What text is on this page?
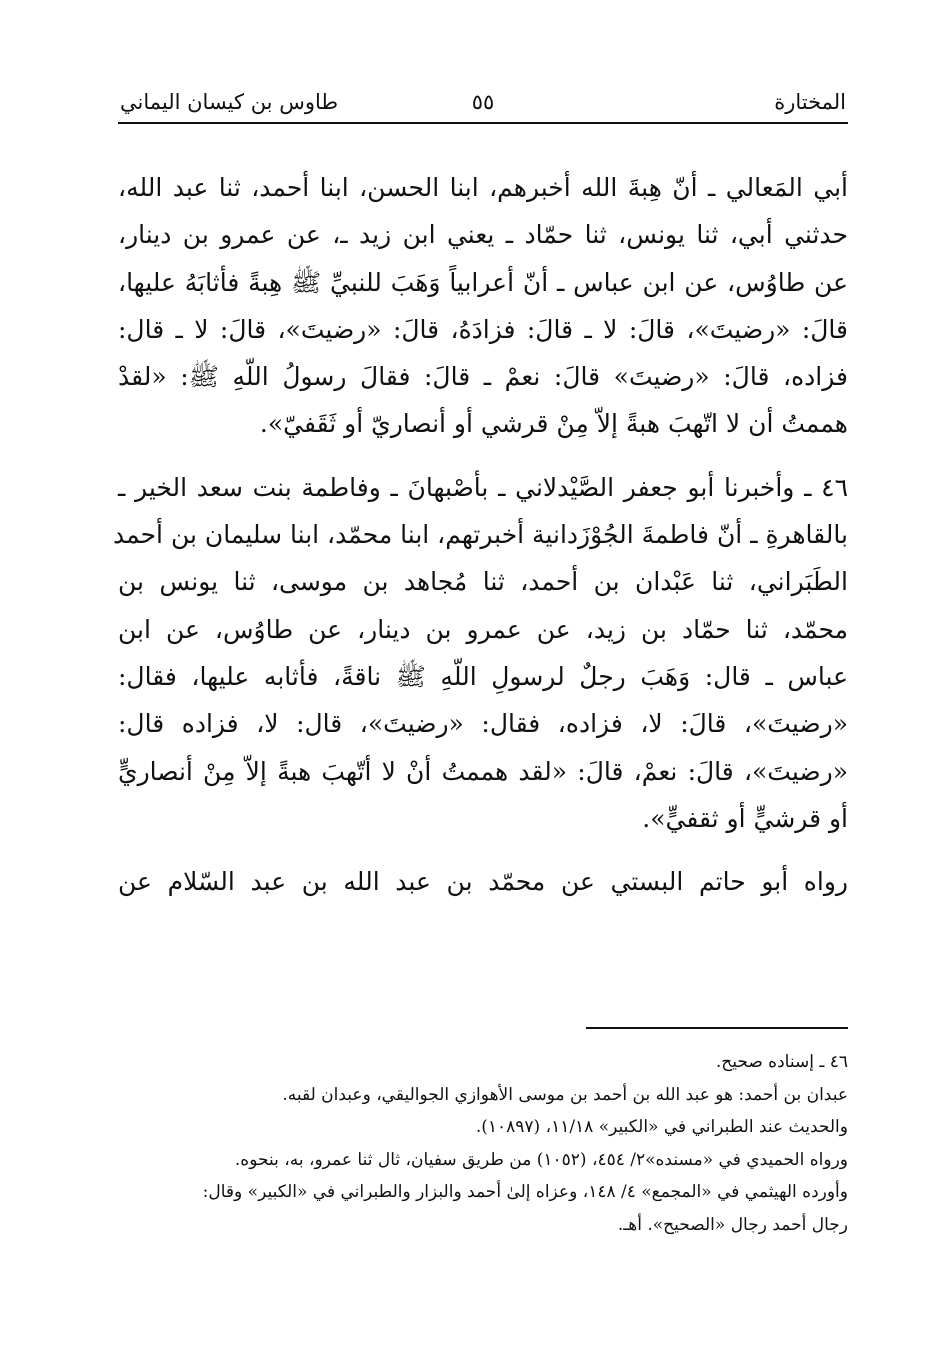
المختارة
٥٥
طاوس بن كيسان اليماني
أبي المَعالي ـ أنّ هِبةَ الله أخبرهم، ابنا الحسن، ابنا أحمد، ثنا عبد الله،
حدثني أبي، ثنا يونس، ثنا حمّاد ـ يعني ابن زيد ـ، عن عمرو بن دينار،
عن طاوُس، عن ابن عباس ـ أنّ أعرابياً وَهَبَ للنبيِّ ﷺ هِبةً فأثابَهُ عليها،
قالَ: «رضيتَ»، قالَ: لا ـ قالَ: فزادَهُ، قالَ: «رضيتَ»، قالَ: لا ـ قال:
فزاده، قالَ: «رضيتَ» قالَ: نعمْ ـ قالَ: فقالَ رسولُ اللّهِ ﷺ: «لقدْ
هممتُ أن لا اتّهبَ هبةً إلاّ مِنْ قرشي أو أنصاريّ أو ثَقَفيّ».
٤٦ ـ وأخبرنا أبو جعفر الصَّيْدلاني ـ بأصْبهانَ ـ وفاطمة بنت سعد الخير ـ
بالقاهرةِ ـ أنّ فاطمةَ الجُوْزَدانية أخبرتهم، ابنا محمّد، ابنا سليمان بن أحمد
الطَبَراني، ثنا عَبْدان بن أحمد، ثنا مُجاهد بن موسى، ثنا يونس بن
محمّد، ثنا حمّاد بن زيد، عن عمرو بن دينار، عن طاوُس، عن ابن
عباس ـ قال: وَهَبَ رجلٌ لرسولِ اللّهِ ﷺ ناقةً، فأثابه عليها، فقال:
«رضيتَ»، قالَ: لا، فزاده، فقال: «رضيتَ»، قال: لا، فزاده قال:
«رضيتَ»، قالَ: نعمْ، قالَ: «لقد هممتُ أنْ لا أتّهبَ هبةً إلاّ مِنْ أنصاريٍّ
أو قرشيٍّ أو ثقفيٍّ».
رواه أبو حاتم البستي عن محمّد بن عبد الله بن عبد السّلام عن
٤٦ ـ إسناده صحيح.
عبدان بن أحمد: هو عبد الله بن أحمد بن موسى الأهوازي الجواليقي، وعبدان لقبه.
والحديث عند الطبراني في «الكبير» ١١/١٨، (١٠٨٩٧).
ورواه الحميدي في «مسنده»٢/ ٤٥٤، (١٠٥٢) من طريق سفيان، ثال ثنا عمرو، به، بنحوه.
وأورده الهيثمي في «المجمع» ٤/ ١٤٨، وعزاه إلىٰ أحمد والبزار والطبراني في «الكبير» وقال:
رجال أحمد رجال «الصحيح». أهـ.
